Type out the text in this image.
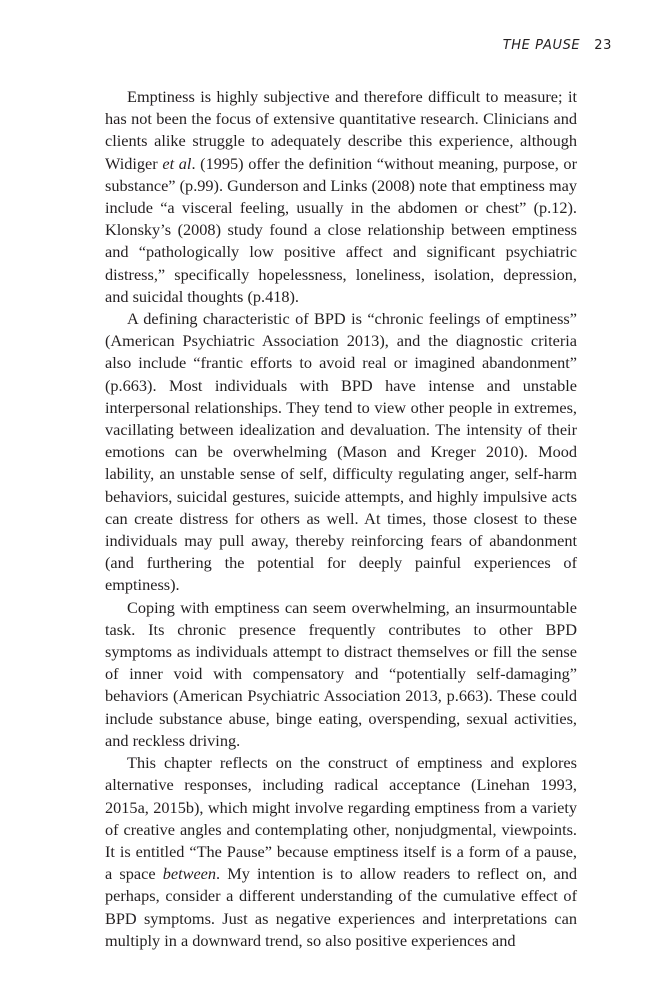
THE PAUSE 23

Emptiness is highly subjective and therefore difficult to measure; it has not been the focus of extensive quantitative research. Clinicians and clients alike struggle to adequately describe this experience, although Widiger et al. (1995) offer the definition “without meaning, purpose, or substance” (p.99). Gunderson and Links (2008) note that emptiness may include “a visceral feeling, usually in the abdomen or chest” (p.12). Klonsky’s (2008) study found a close relationship between emptiness and “pathologically low positive affect and significant psychiatric distress,” specifically hopelessness, loneliness, isolation, depression, and suicidal thoughts (p.418).

A defining characteristic of BPD is “chronic feelings of emptiness” (American Psychiatric Association 2013), and the diagnostic criteria also include “frantic efforts to avoid real or imagined abandonment” (p.663). Most individuals with BPD have intense and unstable interpersonal relationships. They tend to view other people in extremes, vacillating between idealization and devaluation. The intensity of their emotions can be overwhelming (Mason and Kreger 2010). Mood lability, an unstable sense of self, difficulty regulating anger, self-harm behaviors, suicidal gestures, suicide attempts, and highly impulsive acts can create distress for others as well. At times, those closest to these individuals may pull away, thereby reinforcing fears of abandonment (and furthering the potential for deeply painful experiences of emptiness).

Coping with emptiness can seem overwhelming, an insurmountable task. Its chronic presence frequently contributes to other BPD symptoms as individuals attempt to distract themselves or fill the sense of inner void with compensatory and “potentially self-damaging” behaviors (American Psychiatric Association 2013, p.663). These could include substance abuse, binge eating, overspending, sexual activities, and reckless driving.

This chapter reflects on the construct of emptiness and explores alternative responses, including radical acceptance (Linehan 1993, 2015a, 2015b), which might involve regarding emptiness from a variety of creative angles and contemplating other, nonjudgmental, viewpoints. It is entitled “The Pause” because emptiness itself is a form of a pause, a space between. My intention is to allow readers to reflect on, and perhaps, consider a different understanding of the cumulative effect of BPD symptoms. Just as negative experiences and interpretations can multiply in a downward trend, so also positive experiences and
